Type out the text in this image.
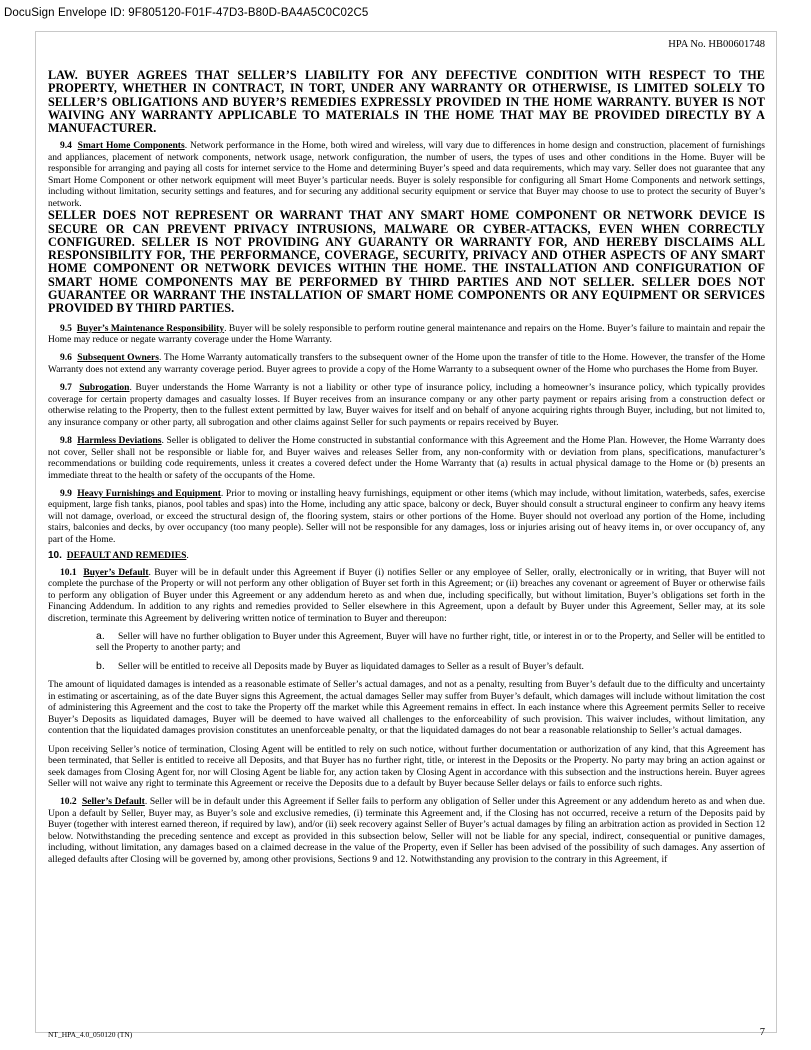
DocuSign Envelope ID: 9F805120-F01F-47D3-B80D-BA4A5C0C02C5
HPA No. HB00601748

LAW. BUYER AGREES THAT SELLER’S LIABILITY FOR ANY DEFECTIVE CONDITION WITH RESPECT TO THE PROPERTY, WHETHER IN CONTRACT, IN TORT, UNDER ANY WARRANTY OR OTHERWISE, IS LIMITED SOLELY TO SELLER’S OBLIGATIONS AND BUYER’S REMEDIES EXPRESSLY PROVIDED IN THE HOME WARRANTY. BUYER IS NOT WAIVING ANY WARRANTY APPLICABLE TO MATERIALS IN THE HOME THAT MAY BE PROVIDED DIRECTLY BY A MANUFACTURER.

9.4 Smart Home Components. Network performance in the Home, both wired and wireless, will vary due to differences in home design and construction, placement of furnishings and appliances, placement of network components, network usage, network configuration, the number of users, the types of uses and other conditions in the Home. Buyer will be responsible for arranging and paying all costs for internet service to the Home and determining Buyer’s speed and data requirements, which may vary. Seller does not guarantee that any Smart Home Component or other network equipment will meet Buyer’s particular needs. Buyer is solely responsible for configuring all Smart Home Components and network settings, including without limitation, security settings and features, and for securing any additional security equipment or service that Buyer may choose to use to protect the security of Buyer’s network.

SELLER DOES NOT REPRESENT OR WARRANT THAT ANY SMART HOME COMPONENT OR NETWORK DEVICE IS SECURE OR CAN PREVENT PRIVACY INTRUSIONS, MALWARE OR CYBER-ATTACKS, EVEN WHEN CORRECTLY CONFIGURED. SELLER IS NOT PROVIDING ANY GUARANTY OR WARRANTY FOR, AND HEREBY DISCLAIMS ALL RESPONSIBILITY FOR, THE PERFORMANCE, COVERAGE, SECURITY, PRIVACY AND OTHER ASPECTS OF ANY SMART HOME COMPONENT OR NETWORK DEVICES WITHIN THE HOME. THE INSTALLATION AND CONFIGURATION OF SMART HOME COMPONENTS MAY BE PERFORMED BY THIRD PARTIES AND NOT SELLER. SELLER DOES NOT GUARANTEE OR WARRANT THE INSTALLATION OF SMART HOME COMPONENTS OR ANY EQUIPMENT OR SERVICES PROVIDED BY THIRD PARTIES.

9.5 Buyer’s Maintenance Responsibility. Buyer will be solely responsible to perform routine general maintenance and repairs on the Home. Buyer’s failure to maintain and repair the Home may reduce or negate warranty coverage under the Home Warranty.

9.6 Subsequent Owners. The Home Warranty automatically transfers to the subsequent owner of the Home upon the transfer of title to the Home. However, the transfer of the Home Warranty does not extend any warranty coverage period. Buyer agrees to provide a copy of the Home Warranty to a subsequent owner of the Home who purchases the Home from Buyer.

9.7 Subrogation. Buyer understands the Home Warranty is not a liability or other type of insurance policy, including a homeowner’s insurance policy, which typically provides coverage for certain property damages and casualty losses. If Buyer receives from an insurance company or any other party payment or repairs arising from a construction defect or otherwise relating to the Property, then to the fullest extent permitted by law, Buyer waives for itself and on behalf of anyone acquiring rights through Buyer, including, but not limited to, any insurance company or other party, all subrogation and other claims against Seller for such payments or repairs received by Buyer.

9.8 Harmless Deviations. Seller is obligated to deliver the Home constructed in substantial conformance with this Agreement and the Home Plan. However, the Home Warranty does not cover, Seller shall not be responsible or liable for, and Buyer waives and releases Seller from, any non-conformity with or deviation from plans, specifications, manufacturer’s recommendations or building code requirements, unless it creates a covered defect under the Home Warranty that (a) results in actual physical damage to the Home or (b) presents an immediate threat to the health or safety of the occupants of the Home.

9.9 Heavy Furnishings and Equipment. Prior to moving or installing heavy furnishings, equipment or other items (which may include, without limitation, waterbeds, safes, exercise equipment, large fish tanks, pianos, pool tables and spas) into the Home, including any attic space, balcony or deck, Buyer should consult a structural engineer to confirm any heavy items will not damage, overload, or exceed the structural design of, the flooring system, stairs or other portions of the Home. Buyer should not overload any portion of the Home, including stairs, balconies and decks, by over occupancy (too many people). Seller will not be responsible for any damages, loss or injuries arising out of heavy items in, or over occupancy of, any part of the Home.

10. DEFAULT AND REMEDIES.

10.1 Buyer’s Default. Buyer will be in default under this Agreement if Buyer (i) notifies Seller or any employee of Seller, orally, electronically or in writing, that Buyer will not complete the purchase of the Property or will not perform any other obligation of Buyer set forth in this Agreement; or (ii) breaches any covenant or agreement of Buyer or otherwise fails to perform any obligation of Buyer under this Agreement or any addendum hereto as and when due, including specifically, but without limitation, Buyer’s obligations set forth in the Financing Addendum. In addition to any rights and remedies provided to Seller elsewhere in this Agreement, upon a default by Buyer under this Agreement, Seller may, at its sole discretion, terminate this Agreement by delivering written notice of termination to Buyer and thereupon:

a. Seller will have no further obligation to Buyer under this Agreement, Buyer will have no further right, title, or interest in or to the Property, and Seller will be entitled to sell the Property to another party; and

b. Seller will be entitled to receive all Deposits made by Buyer as liquidated damages to Seller as a result of Buyer’s default.

The amount of liquidated damages is intended as a reasonable estimate of Seller’s actual damages, and not as a penalty, resulting from Buyer’s default due to the difficulty and uncertainty in estimating or ascertaining, as of the date Buyer signs this Agreement, the actual damages Seller may suffer from Buyer’s default, which damages will include without limitation the cost of administering this Agreement and the cost to take the Property off the market while this Agreement remains in effect. In each instance where this Agreement permits Seller to receive Buyer’s Deposits as liquidated damages, Buyer will be deemed to have waived all challenges to the enforceability of such provision. This waiver includes, without limitation, any contention that the liquidated damages provision constitutes an unenforceable penalty, or that the liquidated damages do not bear a reasonable relationship to Seller’s actual damages.

Upon receiving Seller’s notice of termination, Closing Agent will be entitled to rely on such notice, without further documentation or authorization of any kind, that this Agreement has been terminated, that Seller is entitled to receive all Deposits, and that Buyer has no further right, title, or interest in the Deposits or the Property. No party may bring an action against or seek damages from Closing Agent for, nor will Closing Agent be liable for, any action taken by Closing Agent in accordance with this subsection and the instructions herein. Buyer agrees Seller will not waive any right to terminate this Agreement or receive the Deposits due to a default by Buyer because Seller delays or fails to enforce such rights.

10.2 Seller’s Default. Seller will be in default under this Agreement if Seller fails to perform any obligation of Seller under this Agreement or any addendum hereto as and when due. Upon a default by Seller, Buyer may, as Buyer’s sole and exclusive remedies, (i) terminate this Agreement and, if the Closing has not occurred, receive a return of the Deposits paid by Buyer (together with interest earned thereon, if required by law), and/or (ii) seek recovery against Seller of Buyer’s actual damages by filing an arbitration action as provided in Section 12 below. Notwithstanding the preceding sentence and except as provided in this subsection below, Seller will not be liable for any special, indirect, consequential or punitive damages, including, without limitation, any damages based on a claimed decrease in the value of the Property, even if Seller has been advised of the possibility of such damages. Any assertion of alleged defaults after Closing will be governed by, among other provisions, Sections 9 and 12. Notwithstanding any provision to the contrary in this Agreement, if

NT_HPA_4.0_050120 (TN)	7
